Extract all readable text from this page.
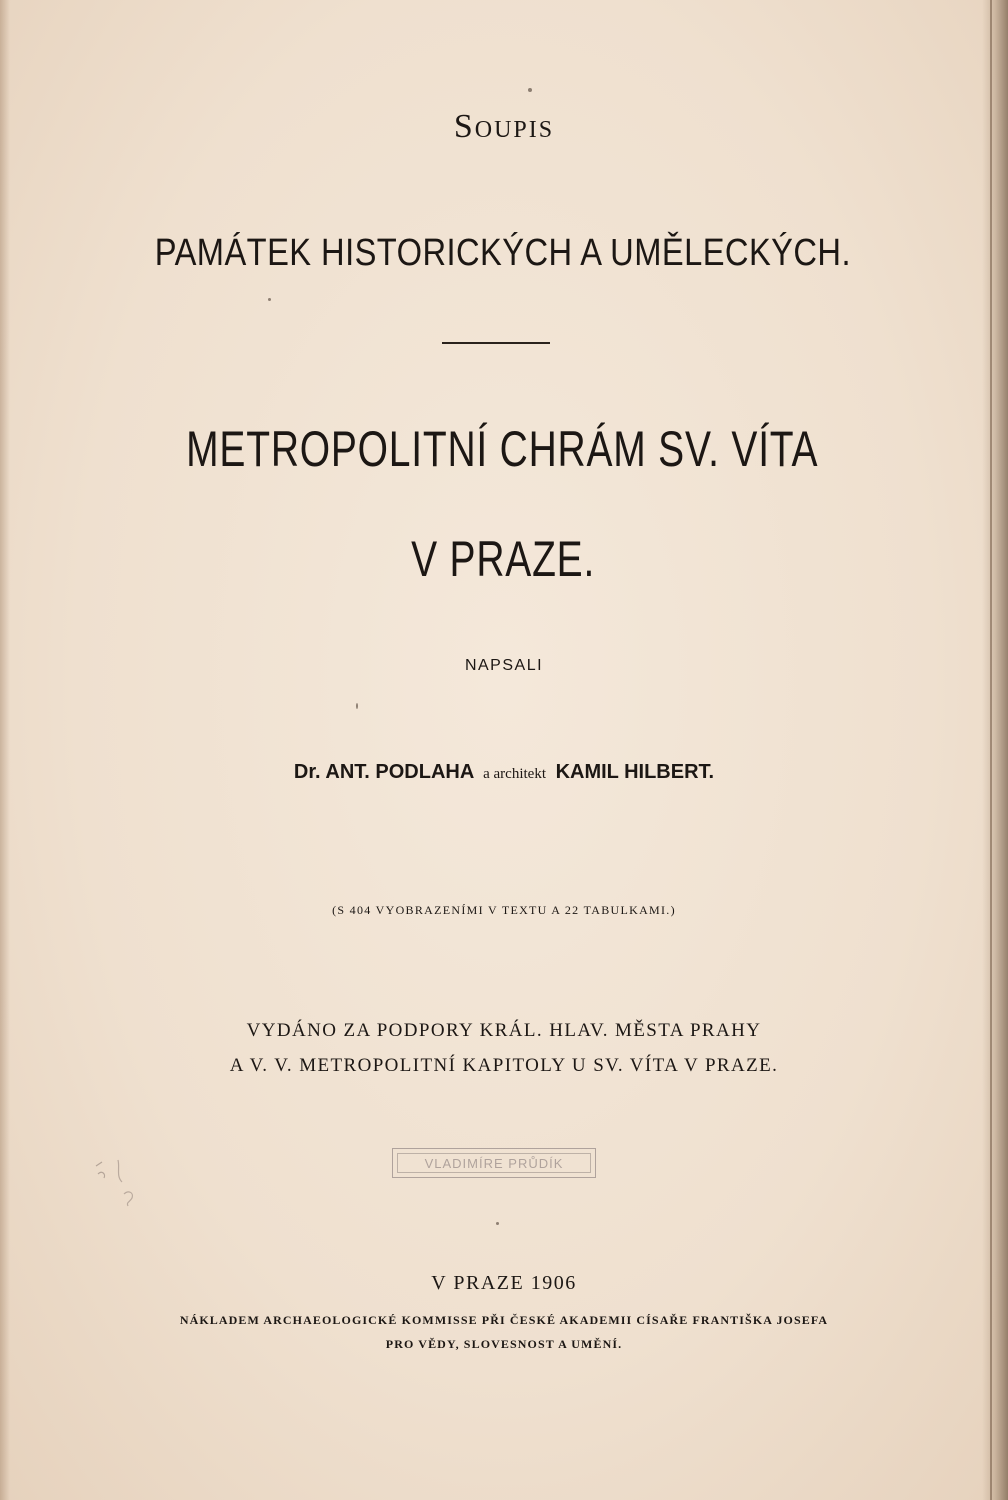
Soupis
PAMÁTEK HISTORICKÝCH A UMĚLECKÝCH.
METROPOLITNÍ CHRÁM SV. VÍTA
V PRAZE.
NAPSALI
Dr. ANT. PODLAHA a architekt KAMIL HILBERT.
(S 404 VYOBRAZENÍMI V TEXTU A 22 TABULKAMI.)
VYDÁNO ZA PODPORY KRÁL. HLAV. MĚSTA PRAHY
A V. V. METROPOLITNÍ KAPITOLY U SV. VÍTA V PRAZE.
VLADIMÍRE PRŮDÍK
V PRAZE 1906
NÁKLADEM ARCHAEOLOGICKÉ KOMMISSE PŘI ČESKÉ AKADEMII CÍSAŘE FRANTIŠKA JOSEFA
PRO VĚDY, SLOVESNOST A UMĚNÍ.
